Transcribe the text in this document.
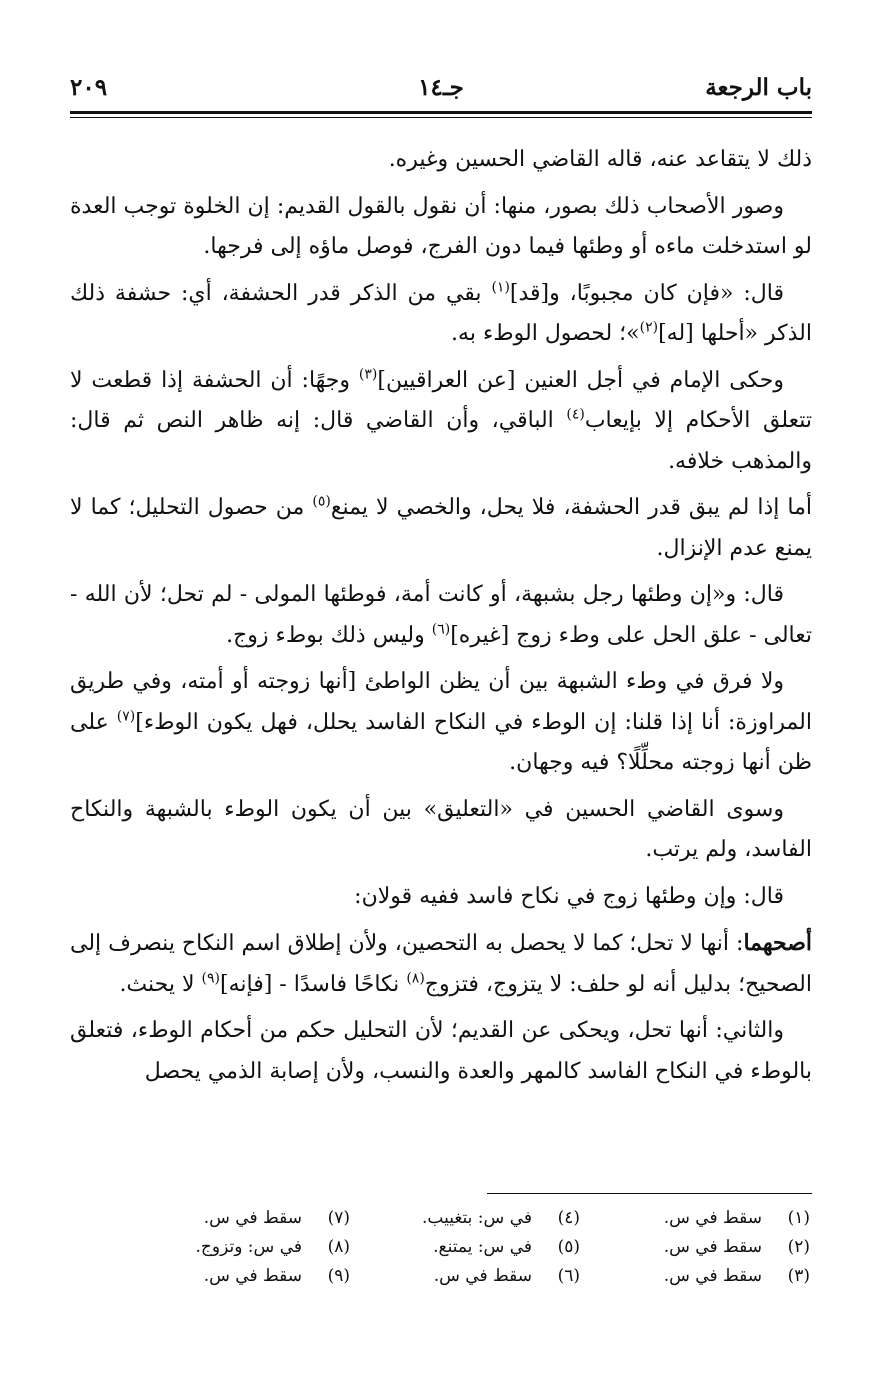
باب الرجعة
جـ١٤
٢٠٩

ذلك لا يتقاعد عنه، قاله القاضي الحسين وغيره.

وصور الأصحاب ذلك بصور، منها: أن نقول بالقول القديم: إن الخلوة توجب العدة لو استدخلت ماءه أو وطئها فيما دون الفرج، فوصل ماؤه إلى فرجها.

قال: «فإن كان مجبوبًا، و[قد]$^{(١)}$ بقي من الذكر قدر الحشفة، أي: حشفة ذلك الذكر «أحلها [له]$^{(٢)}$»؛ لحصول الوطء به.

وحكى الإمام في أجل العنين [عن العراقيين]$^{(٣)}$ وجهًا: أن الحشفة إذا قطعت لا تتعلق الأحكام إلا بإيعاب$^{(٤)}$ الباقي، وأن القاضي قال: إنه ظاهر النص ثم قال: والمذهب خلافه.

أما إذا لم يبق قدر الحشفة، فلا يحل، والخصي لا يمنع$^{(٥)}$ من حصول التحليل؛ كما لا يمنع عدم الإنزال.

قال: و«إن وطئها رجل بشبهة، أو كانت أمة، فوطئها المولى - لم تحل؛ لأن الله - تعالى - علق الحل على وطء زوج [غيره]$^{(٦)}$ وليس ذلك بوطء زوج.

ولا فرق في وطء الشبهة بين أن يظن الواطئ [أنها زوجته أو أمته، وفي طريق المراوزة: أنا إذا قلنا: إن الوطء في النكاح الفاسد يحلل، فهل يكون الوطء]$^{(٧)}$ على ظن أنها زوجته محلِّلًا؟ فيه وجهان.

وسوى القاضي الحسين في «التعليق» بين أن يكون الوطء بالشبهة والنكاح الفاسد، ولم يرتب.

قال: وإن وطئها زوج في نكاح فاسد ففيه قولان:

أصحهما: أنها لا تحل؛ كما لا يحصل به التحصين، ولأن إطلاق اسم النكاح ينصرف إلى الصحيح؛ بدليل أنه لو حلف: لا يتزوج، فتزوج$^{(٨)}$ نكاحًا فاسدًا - [فإنه]$^{(٩)}$ لا يحنث.

والثاني: أنها تحل، ويحكى عن القديم؛ لأن التحليل حكم من أحكام الوطء، فتعلق بالوطء في النكاح الفاسد كالمهر والعدة والنسب، ولأن إصابة الذمي يحصل

(١)سقط في س.
(٤)في س: بتغييب.
(٧)سقط في س.
(٢)سقط في س.
(٥)في س: يمتنع.
(٨)في س: وتزوج.
(٣)سقط في س.
(٦)سقط في س.
(٩)سقط في س.
